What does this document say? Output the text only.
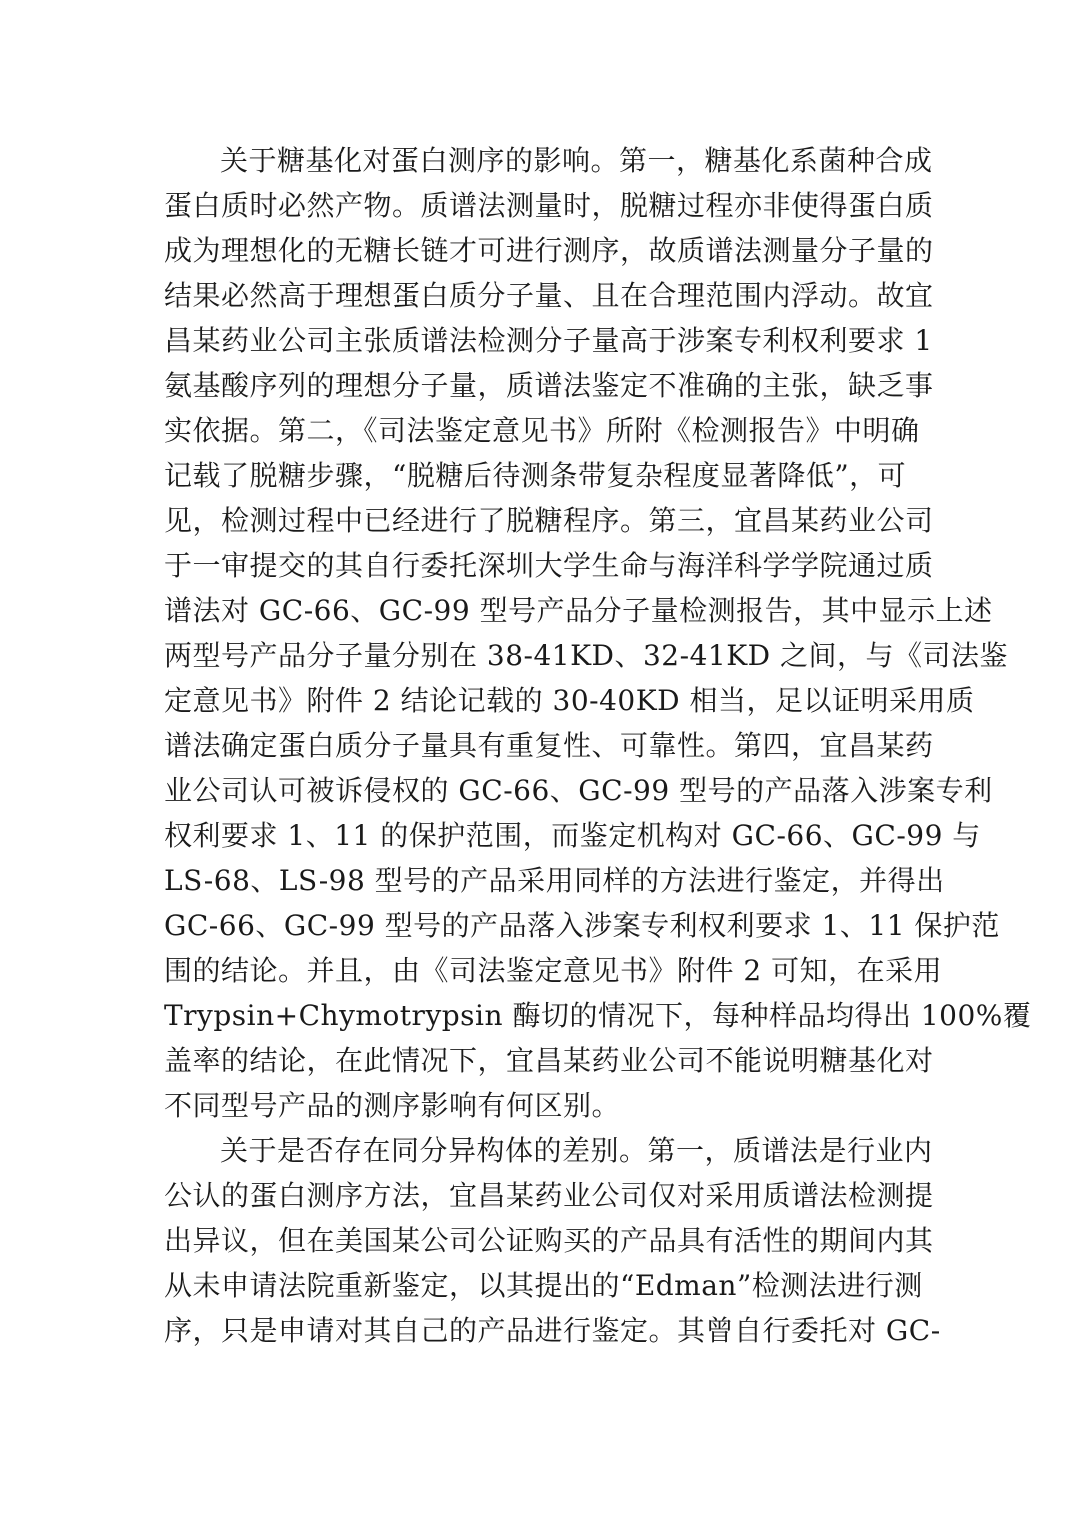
关于糖基化对蛋白测序的影响。第一，糖基化系菌种合成
蛋白质时必然产物。质谱法测量时，脱糖过程亦非使得蛋白质
成为理想化的无糖长链才可进行测序，故质谱法测量分子量的
结果必然高于理想蛋白质分子量、且在合理范围内浮动。故宜
昌某药业公司主张质谱法检测分子量高于涉案专利权利要求 1
氨基酸序列的理想分子量，质谱法鉴定不准确的主张，缺乏事
实依据。第二，《司法鉴定意见书》所附《检测报告》中明确
记载了脱糖步骤，“脱糖后待测条带复杂程度显著降低”，可
见，检测过程中已经进行了脱糖程序。第三，宜昌某药业公司
于一审提交的其自行委托深圳大学生命与海洋科学学院通过质
谱法对 GC-66、GC-99 型号产品分子量检测报告，其中显示上述
两型号产品分子量分别在 38-41KD、32-41KD 之间，与《司法鉴
定意见书》附件 2 结论记载的 30-40KD 相当，足以证明采用质
谱法确定蛋白质分子量具有重复性、可靠性。第四，宜昌某药
业公司认可被诉侵权的 GC-66、GC-99 型号的产品落入涉案专利
权利要求 1、11 的保护范围，而鉴定机构对 GC-66、GC-99 与
LS-68、LS-98 型号的产品采用同样的方法进行鉴定，并得出
GC-66、GC-99 型号的产品落入涉案专利权利要求 1、11 保护范
围的结论。并且，由《司法鉴定意见书》附件 2 可知，在采用
Trypsin+Chymotrypsin 酶切的情况下，每种样品均得出 100%覆
盖率的结论，在此情况下，宜昌某药业公司不能说明糖基化对
不同型号产品的测序影响有何区别。
关于是否存在同分异构体的差别。第一，质谱法是行业内
公认的蛋白测序方法，宜昌某药业公司仅对采用质谱法检测提
出异议，但在美国某公司公证购买的产品具有活性的期间内其
从未申请法院重新鉴定，以其提出的“Edman”检测法进行测
序，只是申请对其自己的产品进行鉴定。其曾自行委托对 GC-
